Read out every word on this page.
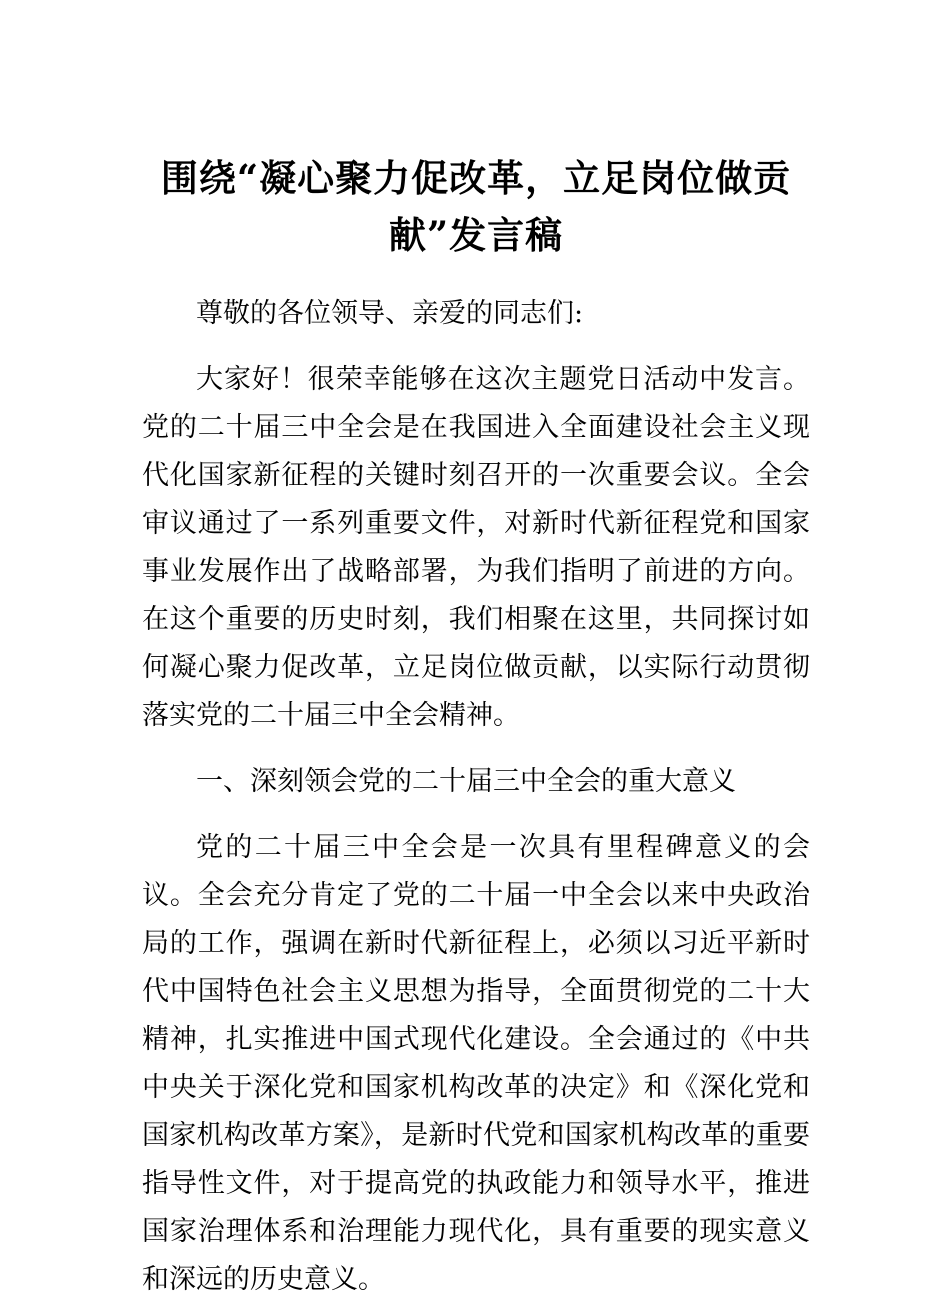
围绕“凝心聚力促改革，立足岗位做贡献”发言稿

尊敬的各位领导、亲爱的同志们:

大家好！很荣幸能够在这次主题党日活动中发言。党的二十届三中全会是在我国进入全面建设社会主义现代化国家新征程的关键时刻召开的一次重要会议。全会审议通过了一系列重要文件，对新时代新征程党和国家事业发展作出了战略部署，为我们指明了前进的方向。在这个重要的历史时刻，我们相聚在这里，共同探讨如何凝心聚力促改革，立足岗位做贡献，以实际行动贯彻落实党的二十届三中全会精神。

一、深刻领会党的二十届三中全会的重大意义

党的二十届三中全会是一次具有里程碑意义的会议。全会充分肯定了党的二十届一中全会以来中央政治局的工作，强调在新时代新征程上，必须以习近平新时代中国特色社会主义思想为指导，全面贯彻党的二十大精神，扎实推进中国式现代化建设。全会通过的《中共中央关于深化党和国家机构改革的决定》和《深化党和国家机构改革方案》，是新时代党和国家机构改革的重要指导性文件，对于提高党的执政能力和领导水平，推进国家治理体系和治理能力现代化，具有重要的现实意义和深远的历史意义。
